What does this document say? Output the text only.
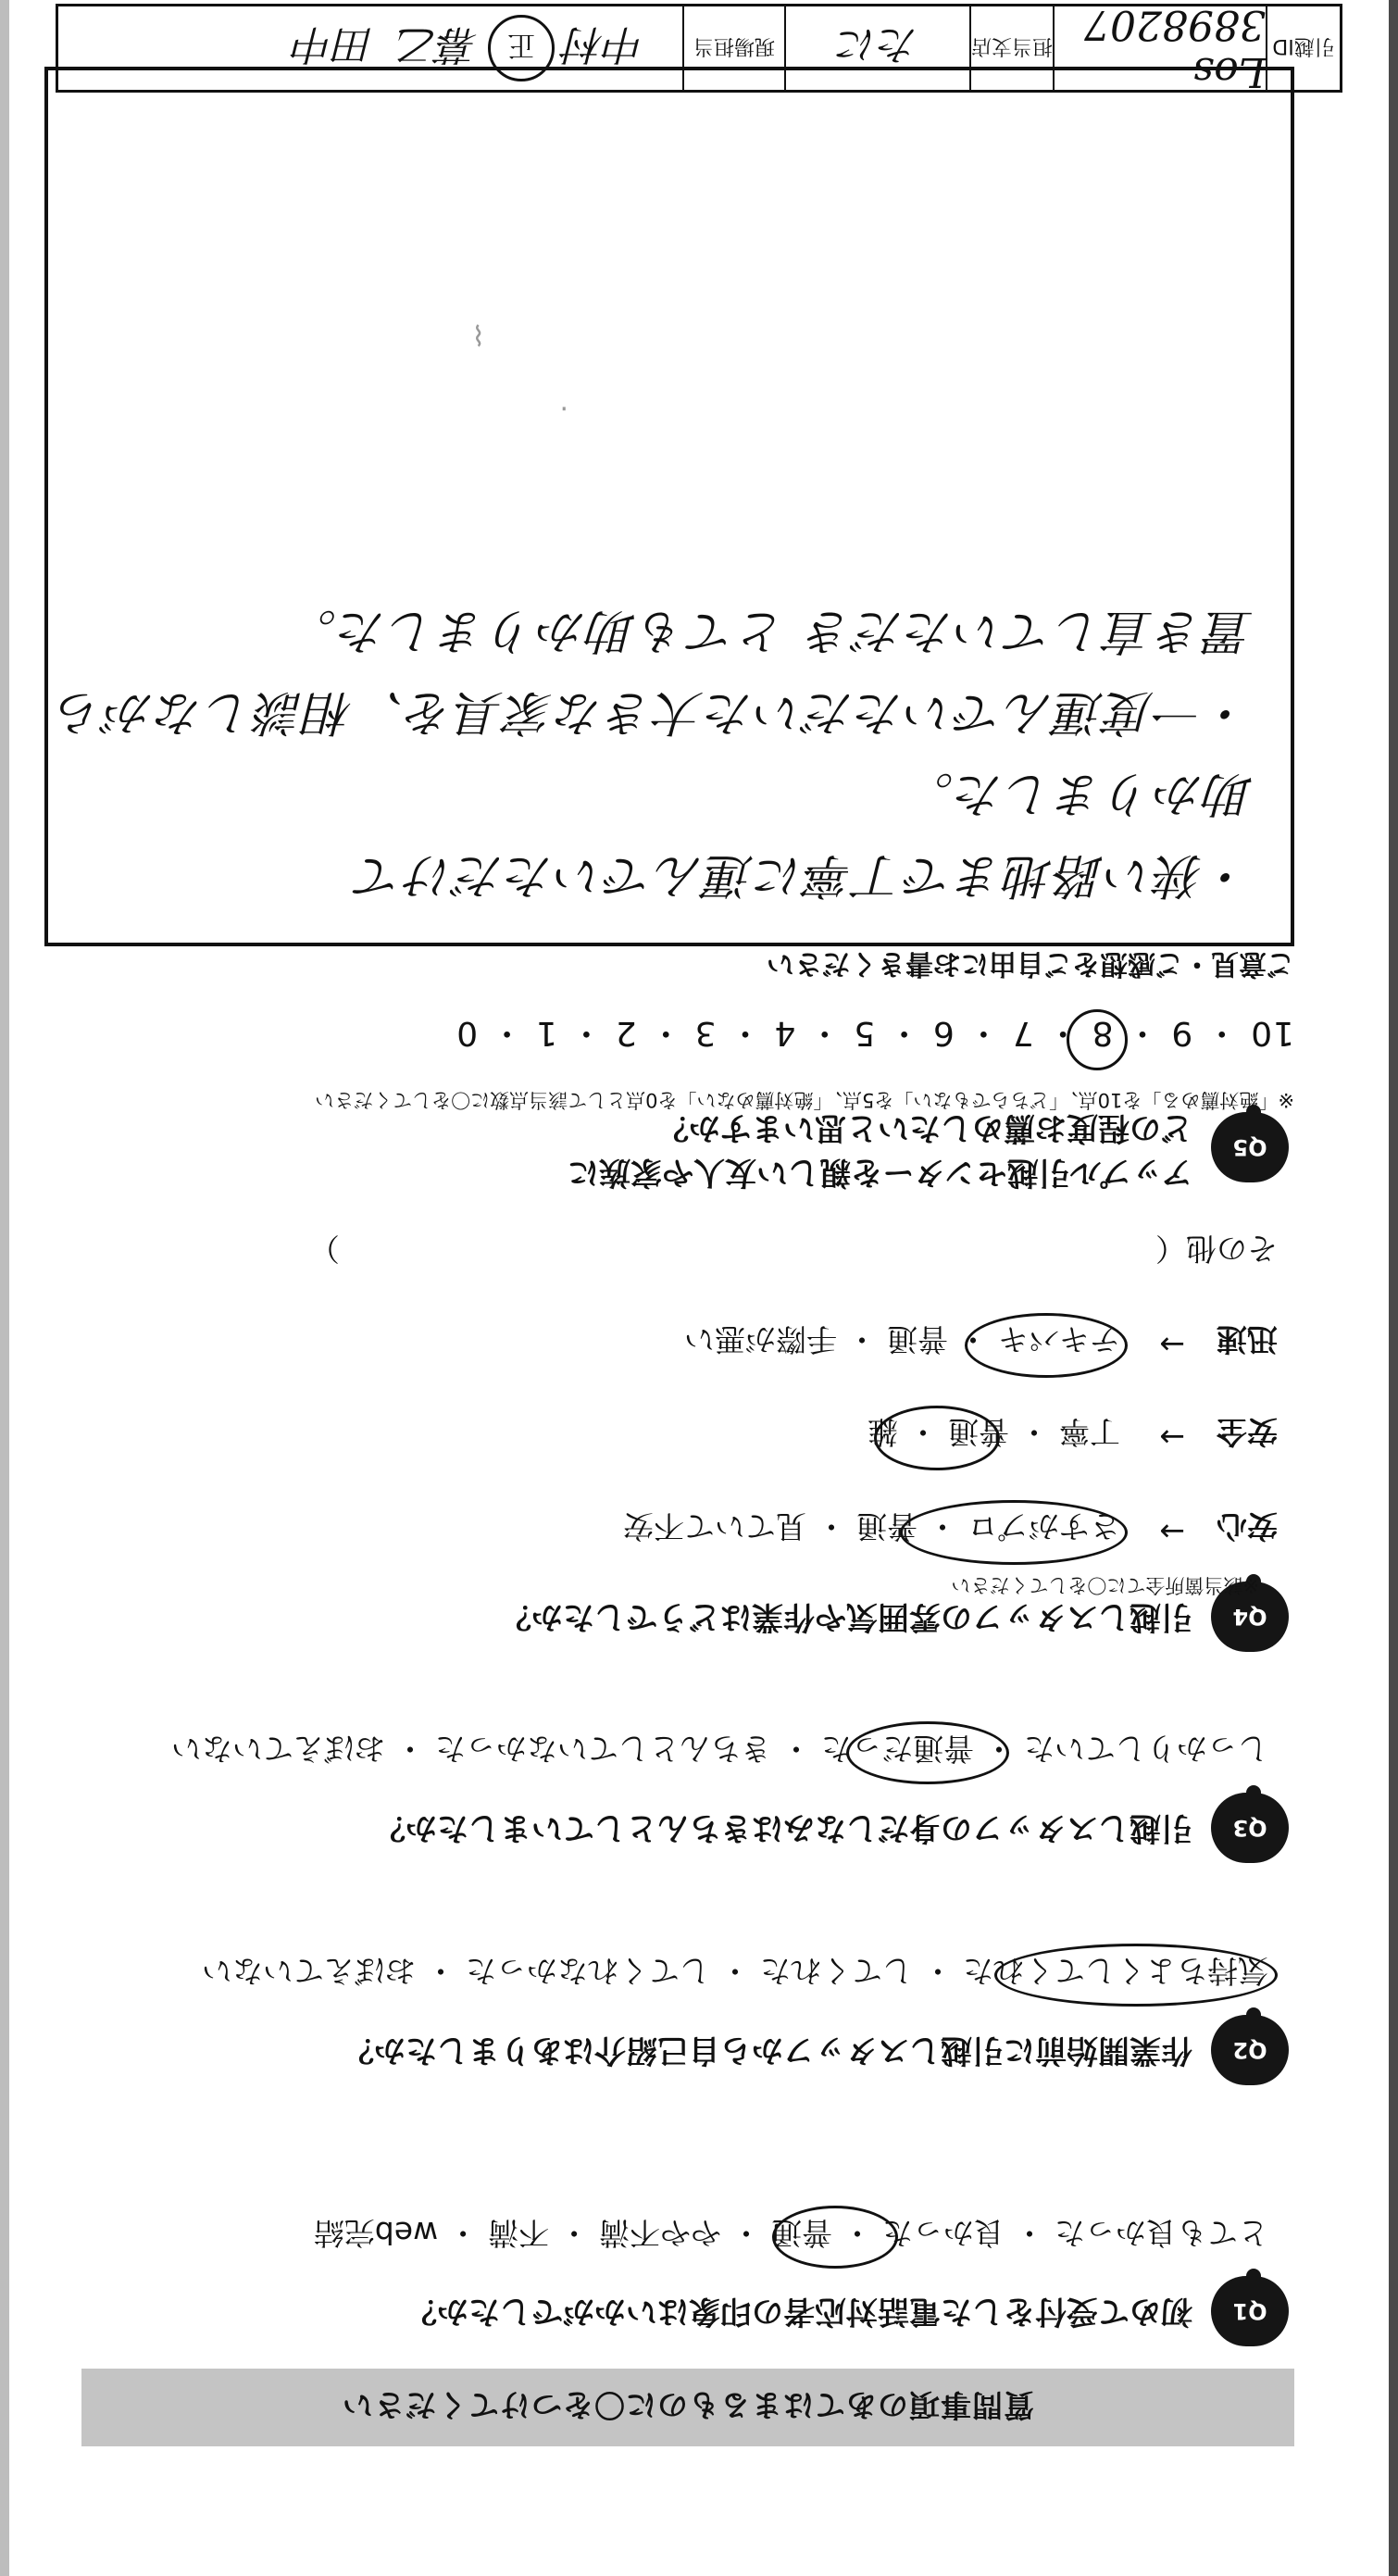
質問事項のあてはまるものに〇をつけてください
Q1
初めて受付をした電話対応者の印象はいかがでしたか？
とても良かった ・ 良かった ・ 普通 ・ やや不満 ・ 不満 ・ web完結
Q2
作業開始前に引越しスタッフから自己紹介はありましたか？
気持ちよくしてくれた ・ してくれた ・ してくれなかった ・ おぼえていない
Q3
引越しスタッフの身だしなみはきちんとしていましたか？
しっかりしていた ・ 普通だった ・ きちんとしていなかった ・ おぼえていない
Q4
引越しスタッフの雰囲気や作業はどうでしたか？
※該当箇所全てに〇をしてください
安心
→
さすがプロ ・ 普通 ・ 見ていて不安
安全
→
丁寧 ・ 普通 ・ 雑
迅速
→
テキパキ ・ 普通 ・ 手際が悪い
その他（                                                                                    ）
Q5
アップル引越センターを親しい友人や家族に
どの程度お薦めしたいと思いますか？
※「絶対薦める」を10点、「どちらでもない」を5点、「絶対薦めない」を0点として該当点数に〇をしてください
10 ・ 9 ・ 8 ・ 7 ・ 6 ・ 5 ・ 4 ・ 3 ・ 2 ・ 1 ・ 0
ご意見・ご感想をご自由にお書きください
・狭い路地まで丁寧に運んでいただけて
助かりました。
・一度運んでいただいた大きな家具を、相談しながら
置き直していただき とても助かりました。
⌇
·
引越ID
Los 3898207
担当支店
たに
現場担当
中村
正
幕乙
田中
